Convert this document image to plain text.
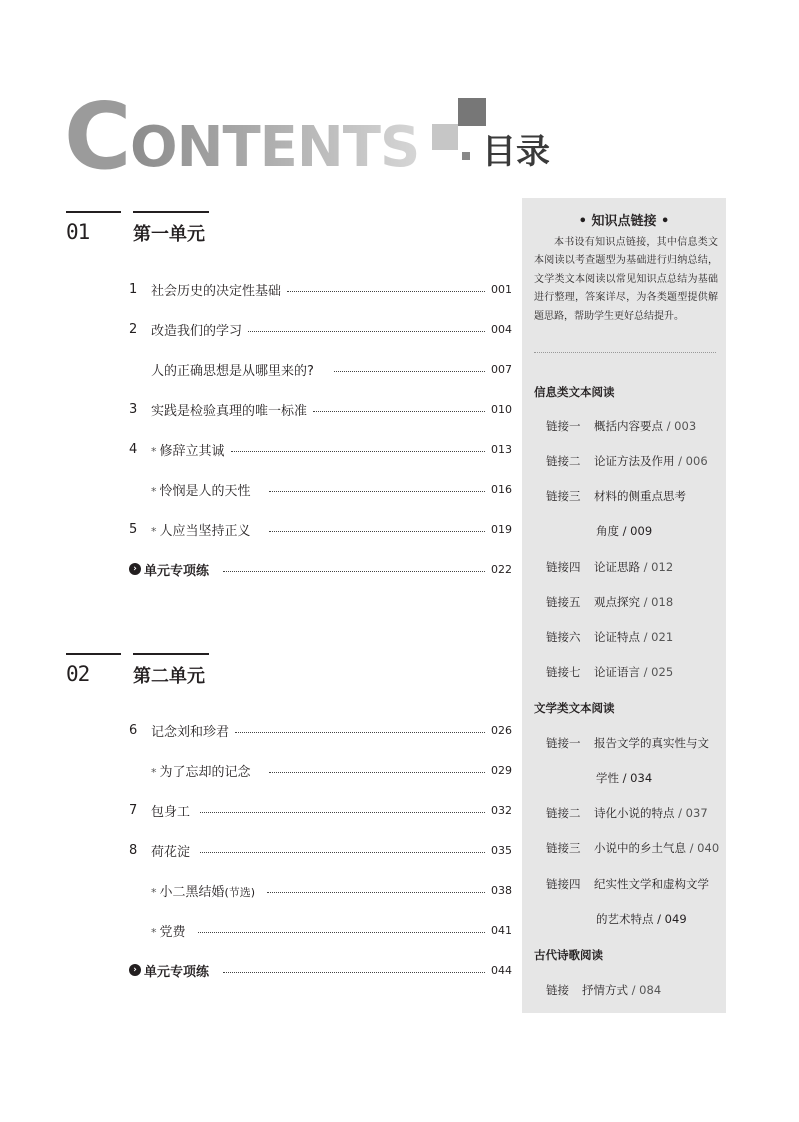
C ONTENTS 目录
01 第一单元
1	社会历史的决定性基础	001
2	改造我们的学习	004
人的正确思想是从哪里来的?	007
3	实践是检验真理的唯一标准	010
4	* 修辞立其诚	013
* 怜悯是人的天性	016
5	* 人应当坚持正义	019
› 单元专项练	022
02 第二单元
6	记念刘和珍君	026
* 为了忘却的记念	029
7	包身工	032
8	荷花淀	035
* 小二黑结婚(节选)	038
* 党费	041
› 单元专项练	044
• 知识点链接 •
本书设有知识点链接，其中信息类文本阅读以考查题型为基础进行归纳总结，文学类文本阅读以常见知识点总结为基础进行整理，答案详尽，为各类题型提供解题思路，帮助学生更好总结提升。
信息类文本阅读
链接一 概括内容要点 / 003
链接二 论证方法及作用 / 006
链接三 材料的侧重点思考
角度 / 009
链接四 论证思路 / 012
链接五 观点探究 / 018
链接六 论证特点 / 021
链接七 论证语言 / 025
文学类文本阅读
链接一 报告文学的真实性与文
学性 / 034
链接二 诗化小说的特点 / 037
链接三 小说中的乡土气息 / 040
链接四 纪实性文学和虚构文学
的艺术特点 / 049
古代诗歌阅读
链接 抒情方式 / 084
